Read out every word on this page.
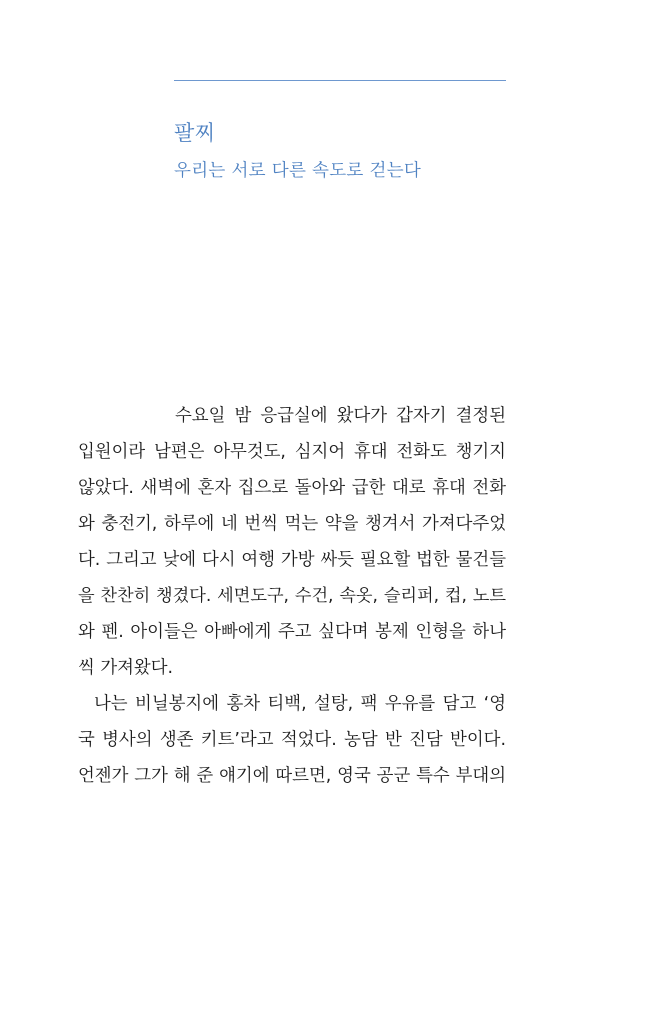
팔찌
우리는 서로 다른 속도로 걷는다
수요일 밤 응급실에 왔다가 갑자기 결정된
입원이라 남편은 아무것도, 심지어 휴대 전화도 챙기지
않았다. 새벽에 혼자 집으로 돌아와 급한 대로 휴대 전화
와 충전기, 하루에 네 번씩 먹는 약을 챙겨서 가져다주었
다. 그리고 낮에 다시 여행 가방 싸듯 필요할 법한 물건들
을 찬찬히 챙겼다. 세면도구, 수건, 속옷, 슬리퍼, 컵, 노트
와 펜. 아이들은 아빠에게 주고 싶다며 봉제 인형을 하나
씩 가져왔다.
나는 비닐봉지에 홍차 티백, 설탕, 팩 우유를 담고 ‘영
국 병사의 생존 키트’라고 적었다. 농담 반 진담 반이다.
언젠가 그가 해 준 얘기에 따르면, 영국 공군 특수 부대의
